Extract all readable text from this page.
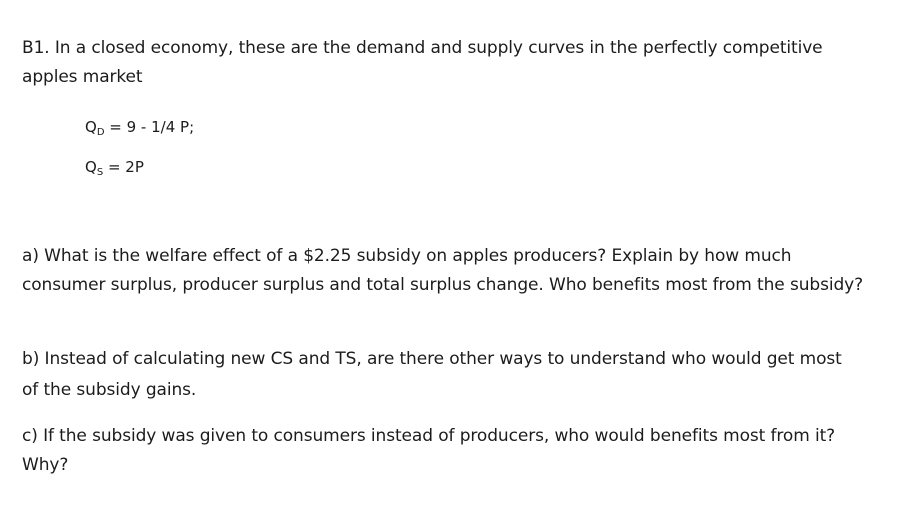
B1. In a closed economy, these are the demand and supply curves in the perfectly competitive
apples market
$Q_D = 9 - 1/4$ P;
$Q_S = 2P$
a) What is the welfare effect of a $2.25 subsidy on apples producers? Explain by how much
consumer surplus, producer surplus and total surplus change. Who benefits most from the subsidy?
b) Instead of calculating new CS and TS, are there other ways to understand who would get most
of the subsidy gains.
c) If the subsidy was given to consumers instead of producers, who would benefits most from it?
Why?
